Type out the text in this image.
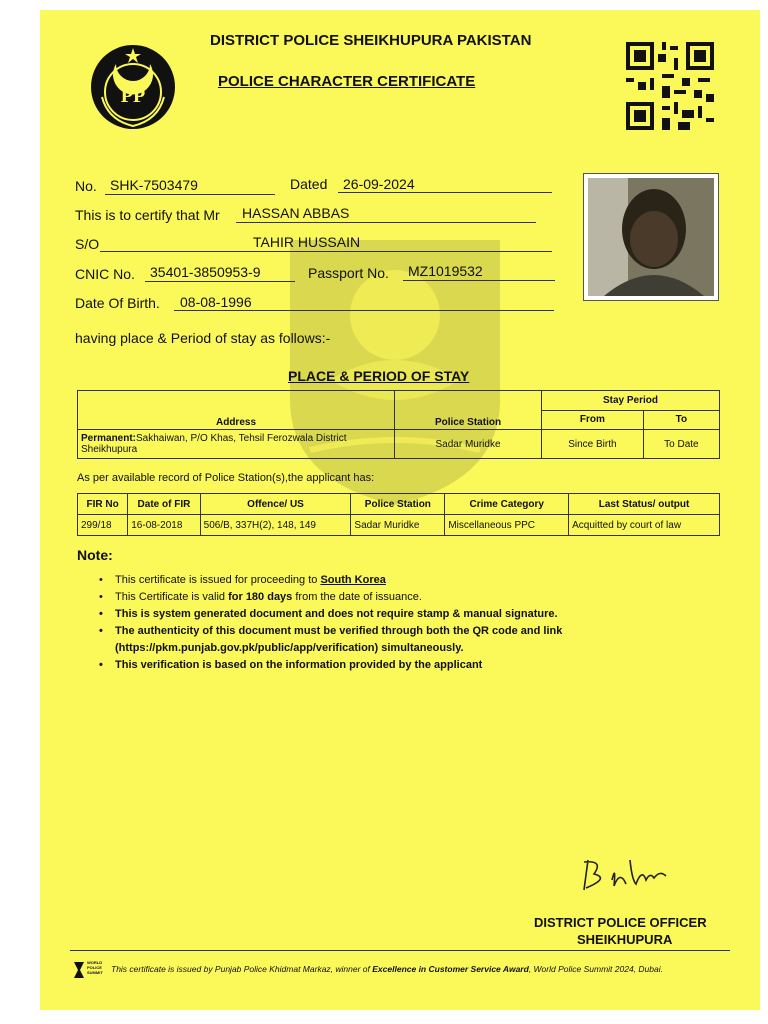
PP
DISTRICT POLICE SHEIKHUPURA PAKISTAN
POLICE CHARACTER CERTIFICATE
No. SHK-7503479	Dated 26-09-2024
This is to certify that Mr HASSAN ABBAS
S/O	TAHIR HUSSAIN
CNIC No. 35401-3850953-9	Passport No. MZ1019532
Date Of Birth. 08-08-1996
having place & Period of stay as follows:-
PLACE & PERIOD OF STAY
Address	Police Station	Stay Period	
		From	To
Permanent:Sakhaiwan, P/O Khas, Tehsil Ferozwala District Sheikhupura	Sadar Muridke	Since Birth	To Date
As per available record of Police Station(s),the applicant has:
FIR No	Date of FIR	Offence/ US	Police Station	Crime Category	Last Status/ output
299/18	16-08-2018	506/B, 337H(2), 148, 149	Sadar Muridke	Miscellaneous PPC	Acquitted by court of law
Note:
• This certificate is issued for proceeding to South Korea
• This Certificate is valid for 180 days from the date of issuance.
• This is system generated document and does not require stamp & manual signature.
• The authenticity of this document must be verified through both the QR code and link
(https://pkm.punjab.gov.pk/public/app/verification) simultaneously.
• This verification is based on the information provided by the applicant
DISTRICT POLICE OFFICER
SHEIKHUPURA
WORLD POLICE SUMMIT This certificate is issued by Punjab Police Khidmat Markaz, winner of Excellence in Customer Service Award, World Police Summit 2024, Dubai.
